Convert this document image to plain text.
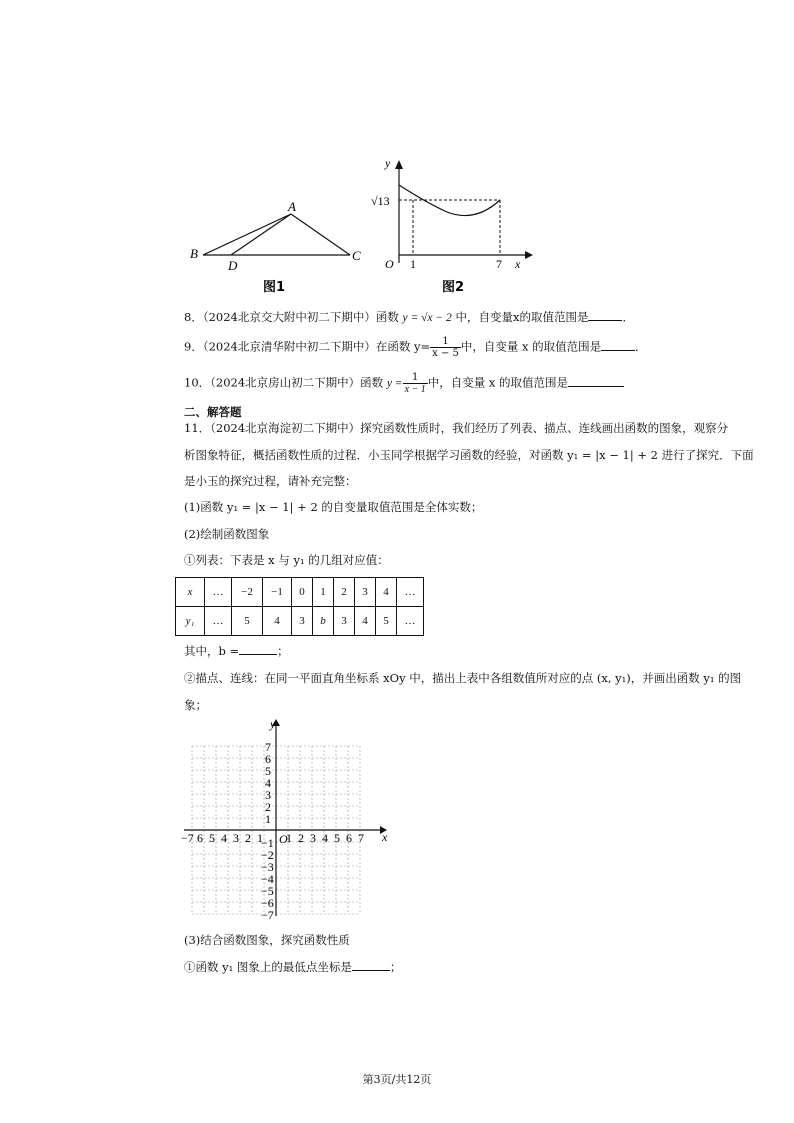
A
B	C
D
图1
y
√13
O 1	7 x
图2
8．（2024北京交大附中初二下期中）函数 y = √x − 2 中，自变量x的取值范围是	．
9．（2024北京清华附中初二下期中）在函数 $y= \frac{1}{x - 5}$ 中，自变量 x 的取值范围是	．
10．（2024北京房山初二下期中）函数 $y = \frac{1}{x - 1}$ 中，自变量 x 的取值范围是
二、解答题
11．（2024北京海淀初二下期中）探究函数性质时，我们经历了列表、描点、连线画出函数的图象，观察分
析图象特征，概括函数性质的过程．小玉同学根据学习函数的经验，对函数 y₁ = |x − 1| + 2 进行了探究．下面
是小玉的探究过程，请补充完整：
(1)函数 y₁ = |x − 1| + 2 的自变量取值范围是全体实数；
(2)绘制函数图象
①列表：下表是 x 与 y₁ 的几组对应值：
x	…	−2	−1	0	1	2	3	4	…
y₁	…	5	4	3	b	3	4	5	…
其中，b =	；
②描点、连线：在同一平面直角坐标系 xOy 中，描出上表中各组数值所对应的点 (x, y₁)，并画出函数 y₁ 的图
象；
y
x
O
−7 6 5 4 3 2 1 1 2 3 4 5 6 7
7
6
5
4
3
2
1
−1
−2
−3
−4
−5
−6
−7
(3)结合函数图象，探究函数性质
①函数 y₁ 图象上的最低点坐标是	；
第3页/共12页
